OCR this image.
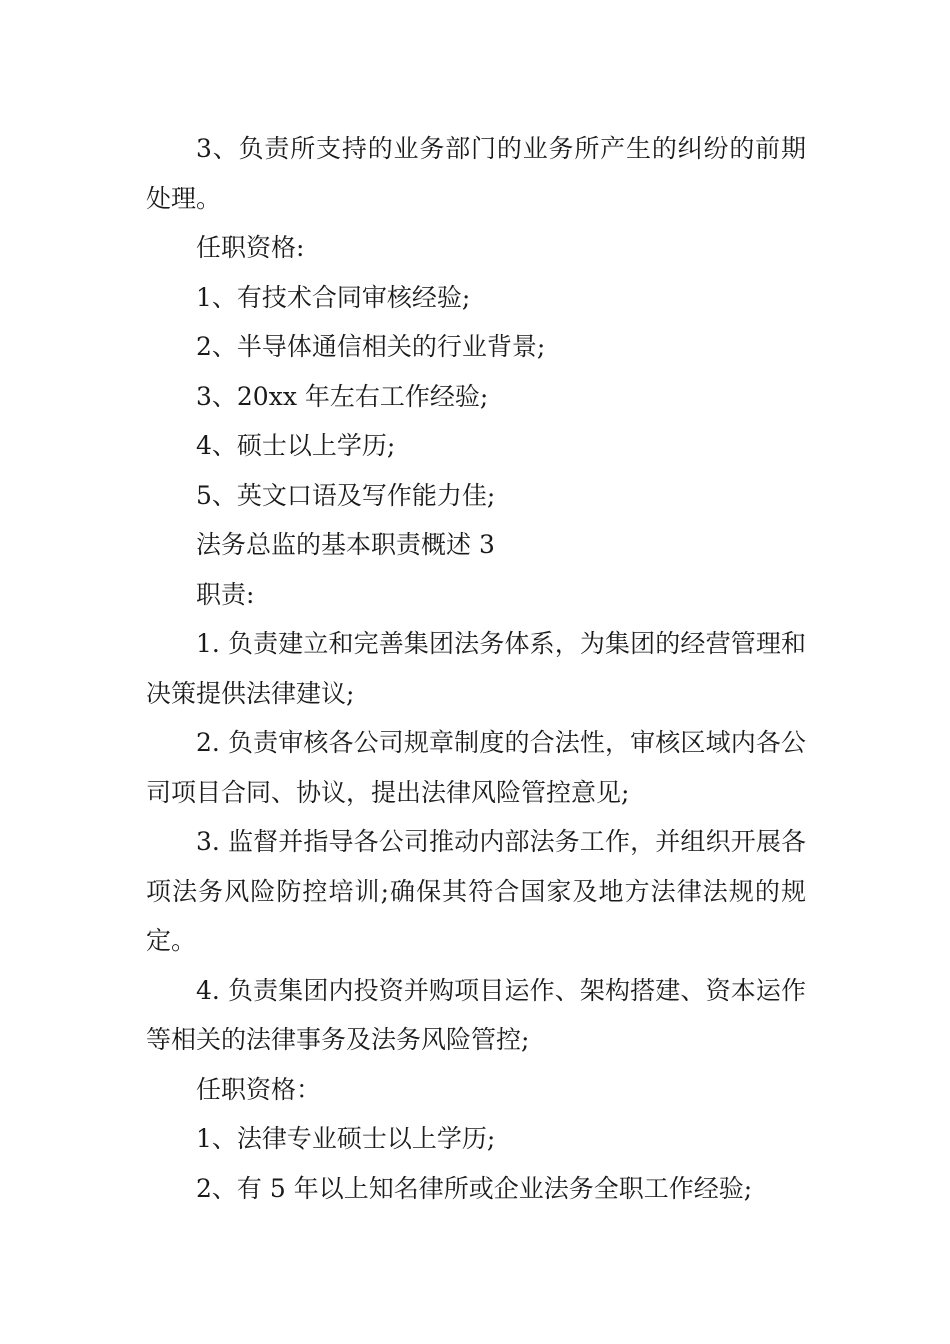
3、负责所支持的业务部门的业务所产生的纠纷的前期处理。

任职资格:

1、有技术合同审核经验;

2、半导体通信相关的行业背景;

3、20xx 年左右工作经验;

4、硕士以上学历;

5、英文口语及写作能力佳;

法务总监的基本职责概述 3

职责:

1. 负责建立和完善集团法务体系，为集团的经营管理和决策提供法律建议;

2. 负责审核各公司规章制度的合法性，审核区域内各公司项目合同、协议，提出法律风险管控意见;

3. 监督并指导各公司推动内部法务工作，并组织开展各项法务风险防控培训;确保其符合国家及地方法律法规的规定。

4. 负责集团内投资并购项目运作、架构搭建、资本运作等相关的法律事务及法务风险管控;

任职资格：

1、法律专业硕士以上学历;

2、有 5 年以上知名律所或企业法务全职工作经验;
